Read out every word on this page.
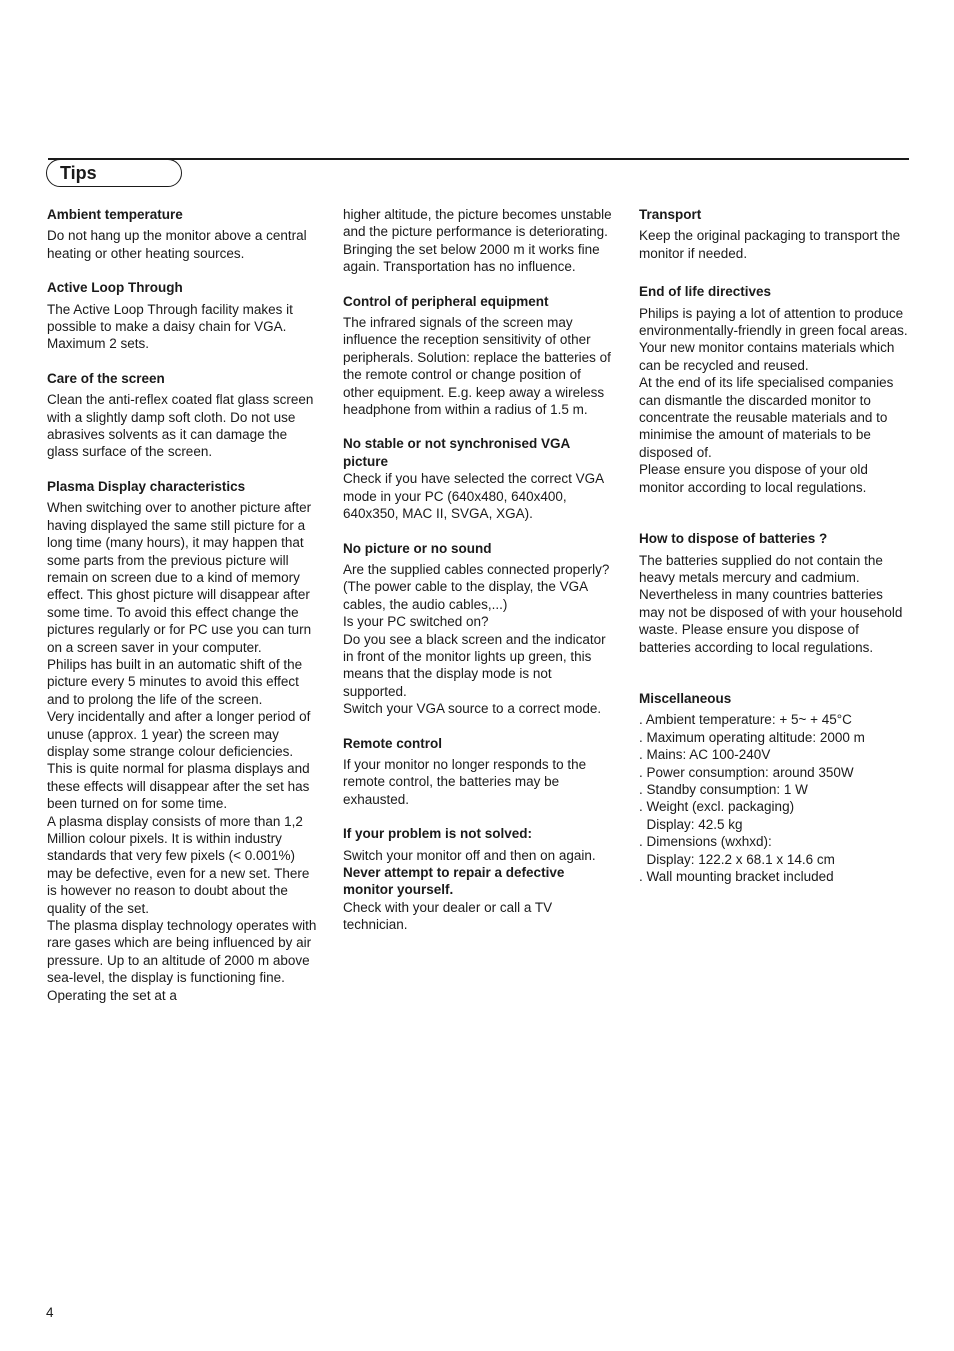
Tips
Ambient temperature

Do not hang up the monitor above a central heating or other heating sources.

Active Loop Through

The Active Loop Through facility makes it possible to make a daisy chain for VGA. Maximum 2 sets.

Care of the screen

Clean the anti-reflex coated flat glass screen with a slightly damp soft cloth. Do not use abrasives solvents as it can damage the glass surface of the screen.

Plasma Display characteristics

When switching over to another picture after having displayed the same still picture for a long time (many hours), it may happen that some parts from the previous picture will remain on screen due to a kind of memory effect. This ghost picture will disappear after some time. To avoid this effect change the pictures regularly or for PC use you can turn on a screen saver in your computer.

Philips has built in an automatic shift of the picture every 5 minutes to avoid this effect and to prolong the life of the screen.

Very incidentally and after a longer period of unuse (approx. 1 year) the screen may display some strange colour deficiencies. This is quite normal for plasma displays and these effects will disappear after the set has been turned on for some time.

A plasma display consists of more than 1,2 Million colour pixels. It is within industry standards that very few pixels (< 0.001%) may be defective, even for a new set. There is however no reason to doubt about the quality of the set.

The plasma display technology operates with rare gases which are being influenced by air pressure. Up to an altitude of 2000 m above sea-level, the display is functioning fine. Operating the set at a

higher altitude, the picture becomes unstable and the picture performance is deteriorating. Bringing the set below 2000 m it works fine again. Transportation has no influence.

Control of peripheral equipment

The infrared signals of the screen may influence the reception sensitivity of other peripherals. Solution: replace the batteries of the remote control or change position of other equipment. E.g. keep away a wireless headphone from within a radius of 1.5 m.

No stable or not synchronised VGA picture

Check if you have selected the correct VGA mode in your PC (640x480, 640x400, 640x350, MAC II, SVGA, XGA).

No picture or no sound

Are the supplied cables connected properly? (The power cable to the display, the VGA cables, the audio cables,...)

Is your PC switched on?

Do you see a black screen and the indicator in front of the monitor lights up green, this means that the display mode is not supported.

Switch your VGA source to a correct mode.

Remote control

If your monitor no longer responds to the remote control, the batteries may be exhausted.

If your problem is not solved:

Switch your monitor off and then on again.

Never attempt to repair a defective monitor yourself.

Check with your dealer or call a TV technician.

Transport

Keep the original packaging to transport the monitor if needed.

End of life directives

Philips is paying a lot of attention to produce environmentally-friendly in green focal areas. Your new monitor contains materials which can be recycled and reused.

At the end of its life specialised companies can dismantle the discarded monitor to concentrate the reusable materials and to minimise the amount of materials to be disposed of.

Please ensure you dispose of your old monitor according to local regulations.

How to dispose of batteries ?

The batteries supplied do not contain the heavy metals mercury and cadmium. Nevertheless in many countries batteries may not be disposed of with your household waste. Please ensure you dispose of batteries according to local regulations.

Miscellaneous
. Ambient temperature: + 5~ + 45°C
. Maximum operating altitude: 2000 m
. Mains: AC 100-240V
. Power consumption: around 350W
. Standby consumption: 1 W
. Weight (excl. packaging)
Display: 42.5 kg
. Dimensions (wxhxd):
Display: 122.2 x 68.1 x 14.6 cm
. Wall mounting bracket included
4
